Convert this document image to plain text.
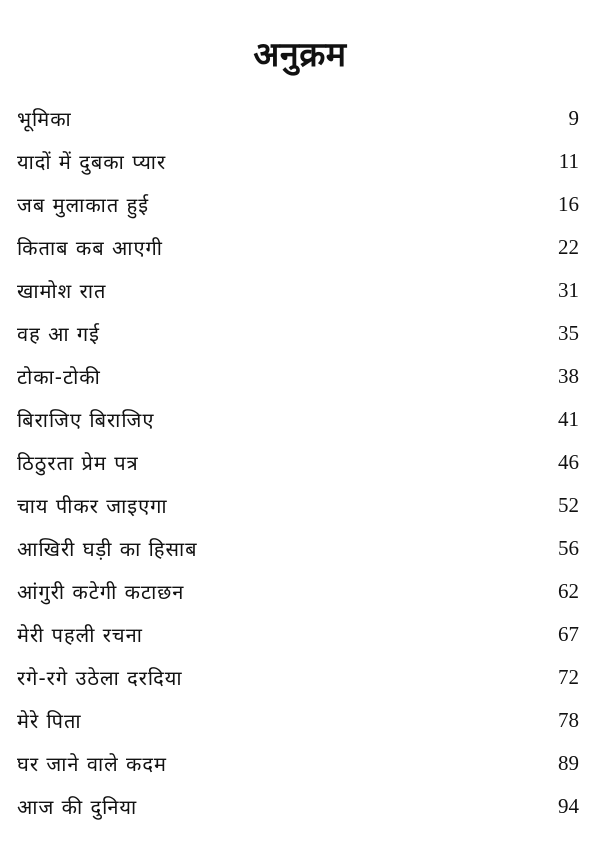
अनुक्रम
भूमिका	9
यादों में दुबका प्यार	11
जब मुलाकात हुई	16
किताब कब आएगी	22
खामोश रात	31
वह आ गई	35
टोका-टोकी	38
बिराजिए बिराजिए	41
ठिठुरता प्रेम पत्र	46
चाय पीकर जाइएगा	52
आखिरी घड़ी का हिसाब	56
आंगुरी कटेगी कटाछन	62
मेरी पहली रचना	67
रगे-रगे उठेला दरदिया	72
मेरे पिता	78
घर जाने वाले कदम	89
आज की दुनिया	94
